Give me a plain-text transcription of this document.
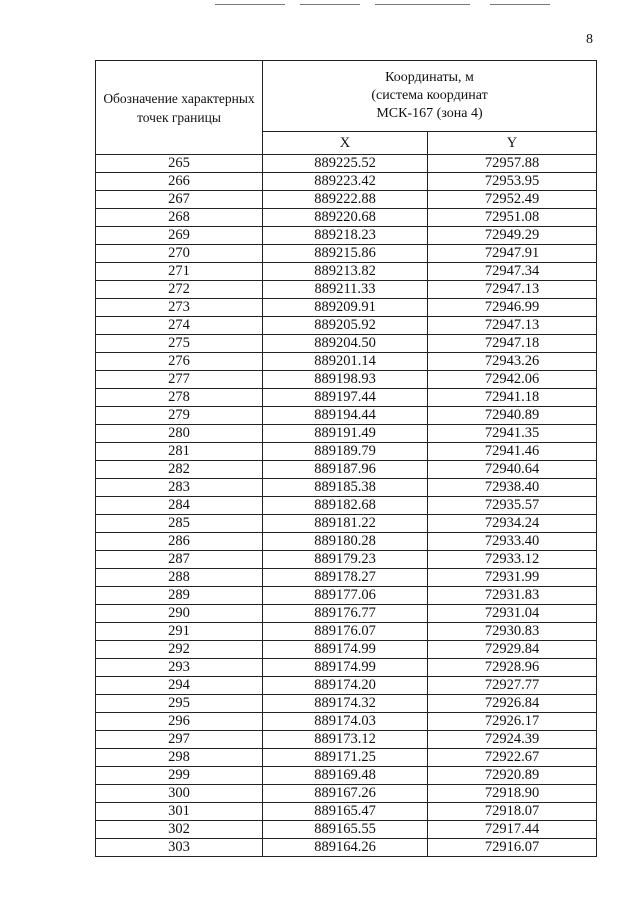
8
Обозначение характерных точек границы	Координаты, м
(система координат
МСК-167 (зона 4)	

	X	Y
265	889225.52	72957.88
266	889223.42	72953.95
267	889222.88	72952.49
268	889220.68	72951.08
269	889218.23	72949.29
270	889215.86	72947.91
271	889213.82	72947.34
272	889211.33	72947.13
273	889209.91	72946.99
274	889205.92	72947.13
275	889204.50	72947.18
276	889201.14	72943.26
277	889198.93	72942.06
278	889197.44	72941.18
279	889194.44	72940.89
280	889191.49	72941.35
281	889189.79	72941.46
282	889187.96	72940.64
283	889185.38	72938.40
284	889182.68	72935.57
285	889181.22	72934.24
286	889180.28	72933.40
287	889179.23	72933.12
288	889178.27	72931.99
289	889177.06	72931.83
290	889176.77	72931.04
291	889176.07	72930.83
292	889174.99	72929.84
293	889174.99	72928.96
294	889174.20	72927.77
295	889174.32	72926.84
296	889174.03	72926.17
297	889173.12	72924.39
298	889171.25	72922.67
299	889169.48	72920.89
300	889167.26	72918.90
301	889165.47	72918.07
302	889165.55	72917.44
303	889164.26	72916.07
